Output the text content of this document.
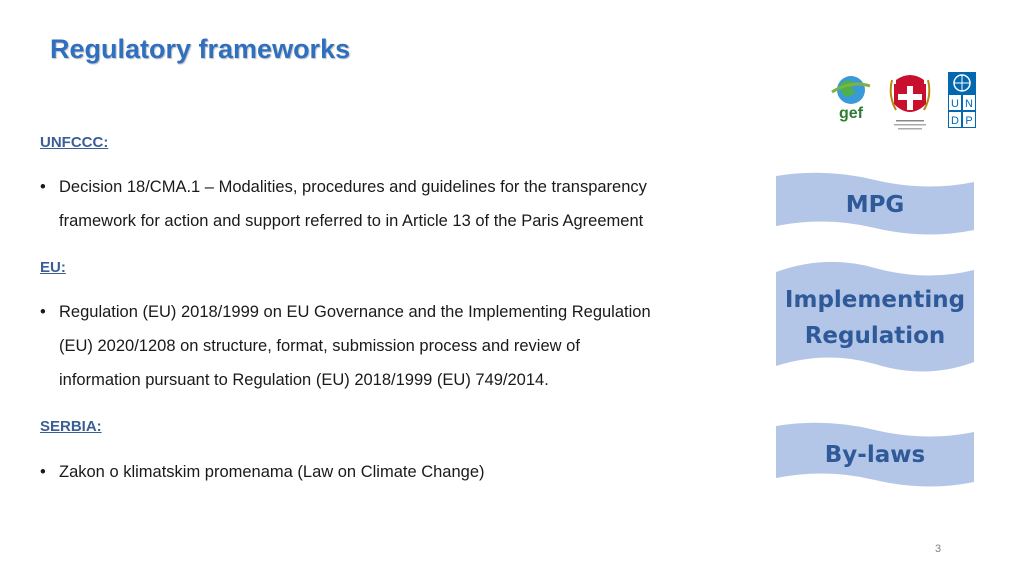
Regulatory frameworks
gef
U N
D P
UNFCCC:
• Decision 18/CMA.1 – Modalities, procedures and guidelines for the transparency
framework for action and support referred to in Article 13 of the Paris Agreement
EU:
• Regulation (EU) 2018/1999 on EU Governance and the Implementing Regulation
(EU) 2020/1208 on structure, format, submission process and review of
information pursuant to Regulation (EU) 2018/1999 (EU) 749/2014.
SERBIA:
• Zakon o klimatskim promenama (Law on Climate Change)
MPG
Implementing
Regulation
By-laws
3
